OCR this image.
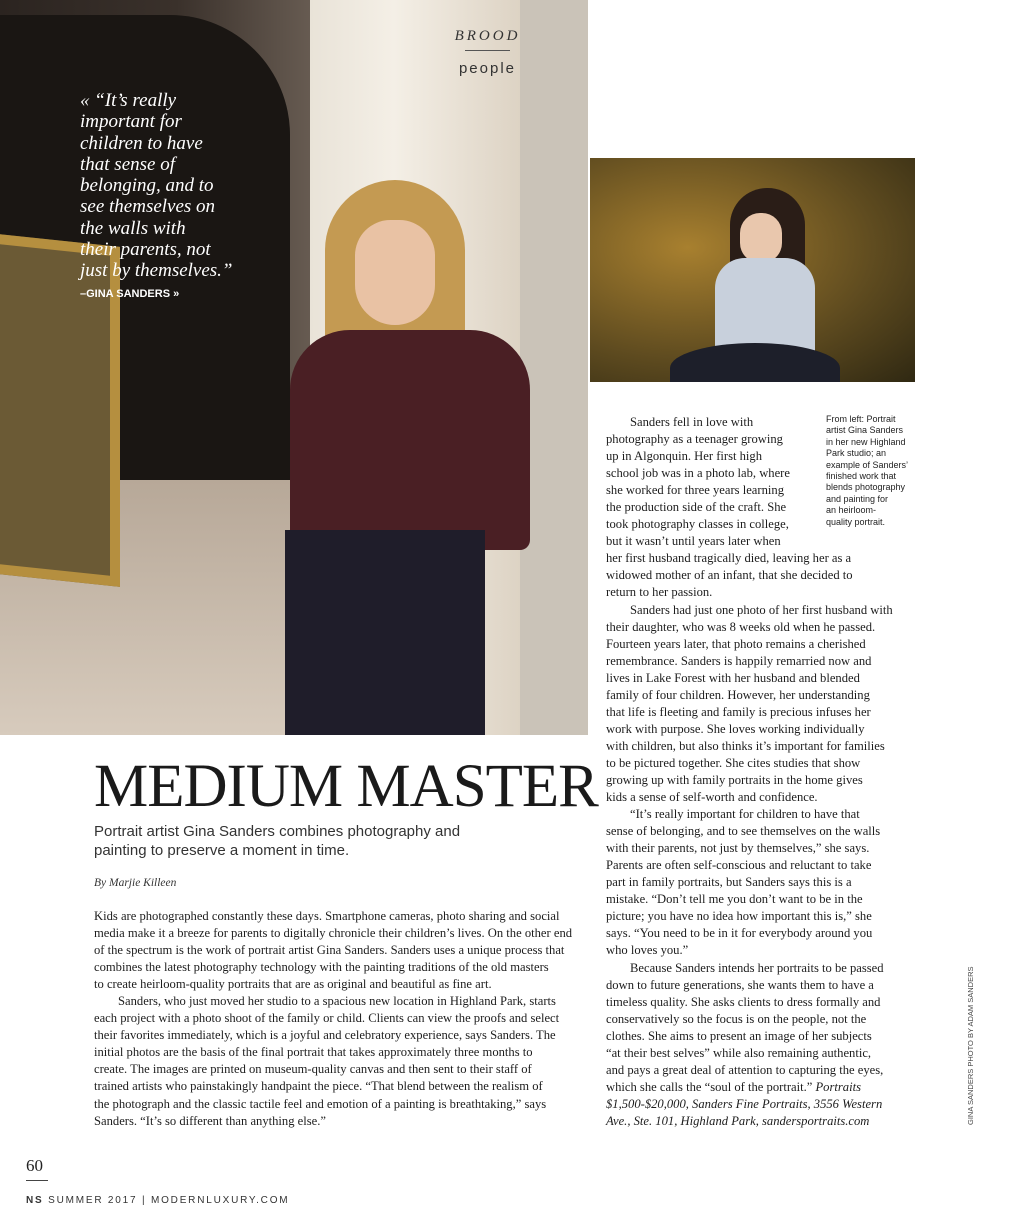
« “It’s really
important for
children to have
that sense of
belonging, and to
see themselves on
the walls with
their parents, not
just by themselves.”
–GINA SANDERS »
BROOD
people
From left: Portrait
artist Gina Sanders
in her new Highland
Park studio; an
example of Sanders’
finished work that
blends photography
and painting for
an heirloom-
quality portrait.
MEDIUM MASTER
Portrait artist Gina Sanders combines photography and
painting to preserve a moment in time.
By Marjie Killeen
Kids are photographed constantly these days. Smartphone cameras, photo sharing and social
media make it a breeze for parents to digitally chronicle their children’s lives. On the other end
of the spectrum is the work of portrait artist Gina Sanders. Sanders uses a unique process that
combines the latest photography technology with the painting traditions of the old masters
to create heirloom-quality portraits that are as original and beautiful as fine art.
Sanders, who just moved her studio to a spacious new location in Highland Park, starts
each project with a photo shoot of the family or child. Clients can view the proofs and select
their favorites immediately, which is a joyful and celebratory experience, says Sanders. The
initial photos are the basis of the final portrait that takes approximately three months to
create. The images are printed on museum-quality canvas and then sent to their staff of
trained artists who painstakingly handpaint the piece. “That blend between the realism of
the photograph and the classic tactile feel and emotion of a painting is breathtaking,” says
Sanders. “It’s so different than anything else.”
Sanders fell in love with
photography as a teenager growing
up in Algonquin. Her first high
school job was in a photo lab, where
she worked for three years learning
the production side of the craft. She
took photography classes in college,
but it wasn’t until years later when
her first husband tragically died, leaving her as a
widowed mother of an infant, that she decided to
return to her passion.
Sanders had just one photo of her first husband with
their daughter, who was 8 weeks old when he passed.
Fourteen years later, that photo remains a cherished
remembrance. Sanders is happily remarried now and
lives in Lake Forest with her husband and blended
family of four children. However, her understanding
that life is fleeting and family is precious infuses her
work with purpose. She loves working individually
with children, but also thinks it’s important for families
to be pictured together. She cites studies that show
growing up with family portraits in the home gives
kids a sense of self-worth and confidence.
“It’s really important for children to have that
sense of belonging, and to see themselves on the walls
with their parents, not just by themselves,” she says.
Parents are often self-conscious and reluctant to take
part in family portraits, but Sanders says this is a
mistake. “Don’t tell me you don’t want to be in the
picture; you have no idea how important this is,” she
says. “You need to be in it for everybody around you
who loves you.”
Because Sanders intends her portraits to be passed
down to future generations, she wants them to have a
timeless quality. She asks clients to dress formally and
conservatively so the focus is on the people, not the
clothes. She aims to present an image of her subjects
“at their best selves” while also remaining authentic,
and pays a great deal of attention to capturing the eyes,
which she calls the “soul of the portrait.” Portraits
$1,500-$20,000, Sanders Fine Portraits, 3556 Western
Ave., Ste. 101, Highland Park, sandersportraits.com	GINA SANDERS PHOTO BY ADAM SANDERS
60
NS SUMMER 2017 | MODERNLUXURY.COM
